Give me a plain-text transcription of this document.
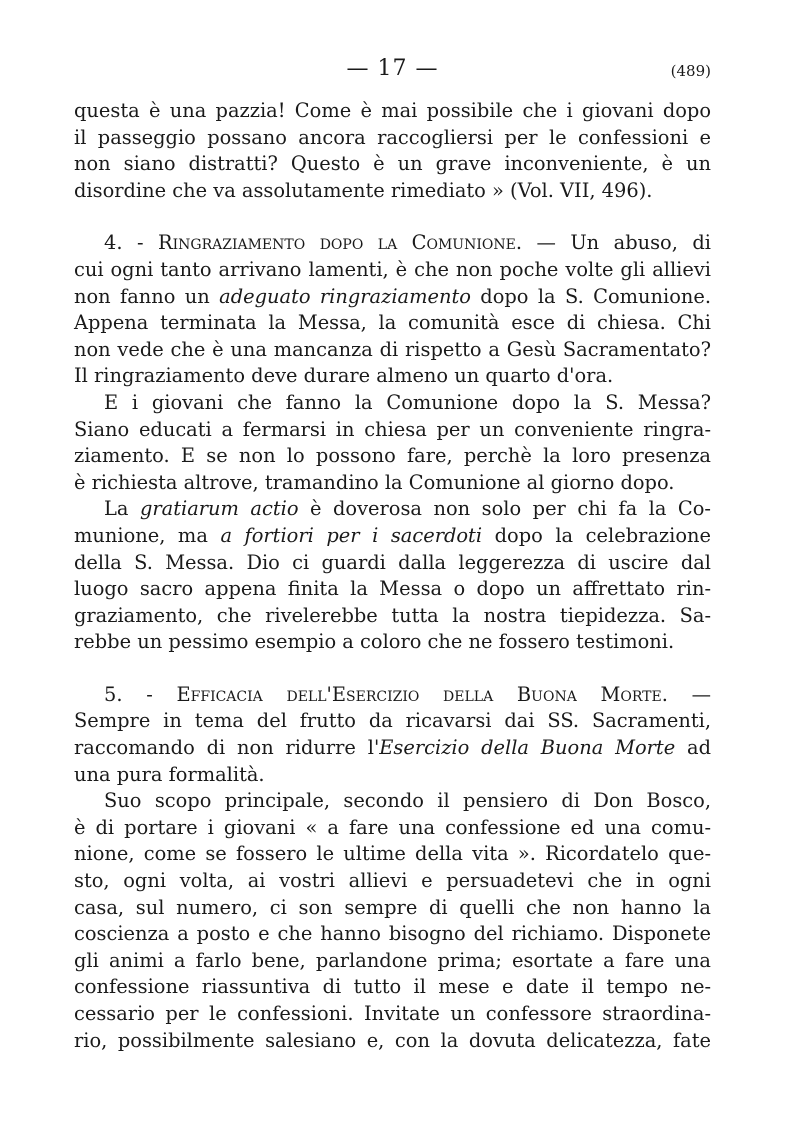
— 17 —	(489)
questa è una pazzia! Come è mai possibile che i giovani dopo
il passeggio possano ancora raccogliersi per le confessioni e
non siano distratti? Questo è un grave inconveniente, è un
disordine che va assolutamente rimediato » (Vol. VII, 496).
4. - Ringraziamento dopo la Comunione. — Un abuso, di
cui ogni tanto arrivano lamenti, è che non poche volte gli allievi
non fanno un adeguato ringraziamento dopo la S. Comunione.
Appena terminata la Messa, la comunità esce di chiesa. Chi
non vede che è una mancanza di rispetto a Gesù Sacramentato?
Il ringraziamento deve durare almeno un quarto d'ora.
E i giovani che fanno la Comunione dopo la S. Messa?
Siano educati a fermarsi in chiesa per un conveniente ringra-
ziamento. E se non lo possono fare, perchè la loro presenza
è richiesta altrove, tramandino la Comunione al giorno dopo.
La gratiarum actio è doverosa non solo per chi fa la Co-
munione, ma a fortiori per i sacerdoti dopo la celebrazione
della S. Messa. Dio ci guardi dalla leggerezza di uscire dal
luogo sacro appena finita la Messa o dopo un affrettato rin-
graziamento, che rivelerebbe tutta la nostra tiepidezza. Sa-
rebbe un pessimo esempio a coloro che ne fossero testimoni.
5. - Efficacia dell'Esercizio della Buona Morte. —
Sempre in tema del frutto da ricavarsi dai SS. Sacramenti,
raccomando di non ridurre l'Esercizio della Buona Morte ad
una pura formalità.
Suo scopo principale, secondo il pensiero di Don Bosco,
è di portare i giovani « a fare una confessione ed una comu-
nione, come se fossero le ultime della vita ». Ricordatelo que-
sto, ogni volta, ai vostri allievi e persuadetevi che in ogni
casa, sul numero, ci son sempre di quelli che non hanno la
coscienza a posto e che hanno bisogno del richiamo. Disponete
gli animi a farlo bene, parlandone prima; esortate a fare una
confessione riassuntiva di tutto il mese e date il tempo ne-
cessario per le confessioni. Invitate un confessore straordina-
rio, possibilmente salesiano e, con la dovuta delicatezza, fate
